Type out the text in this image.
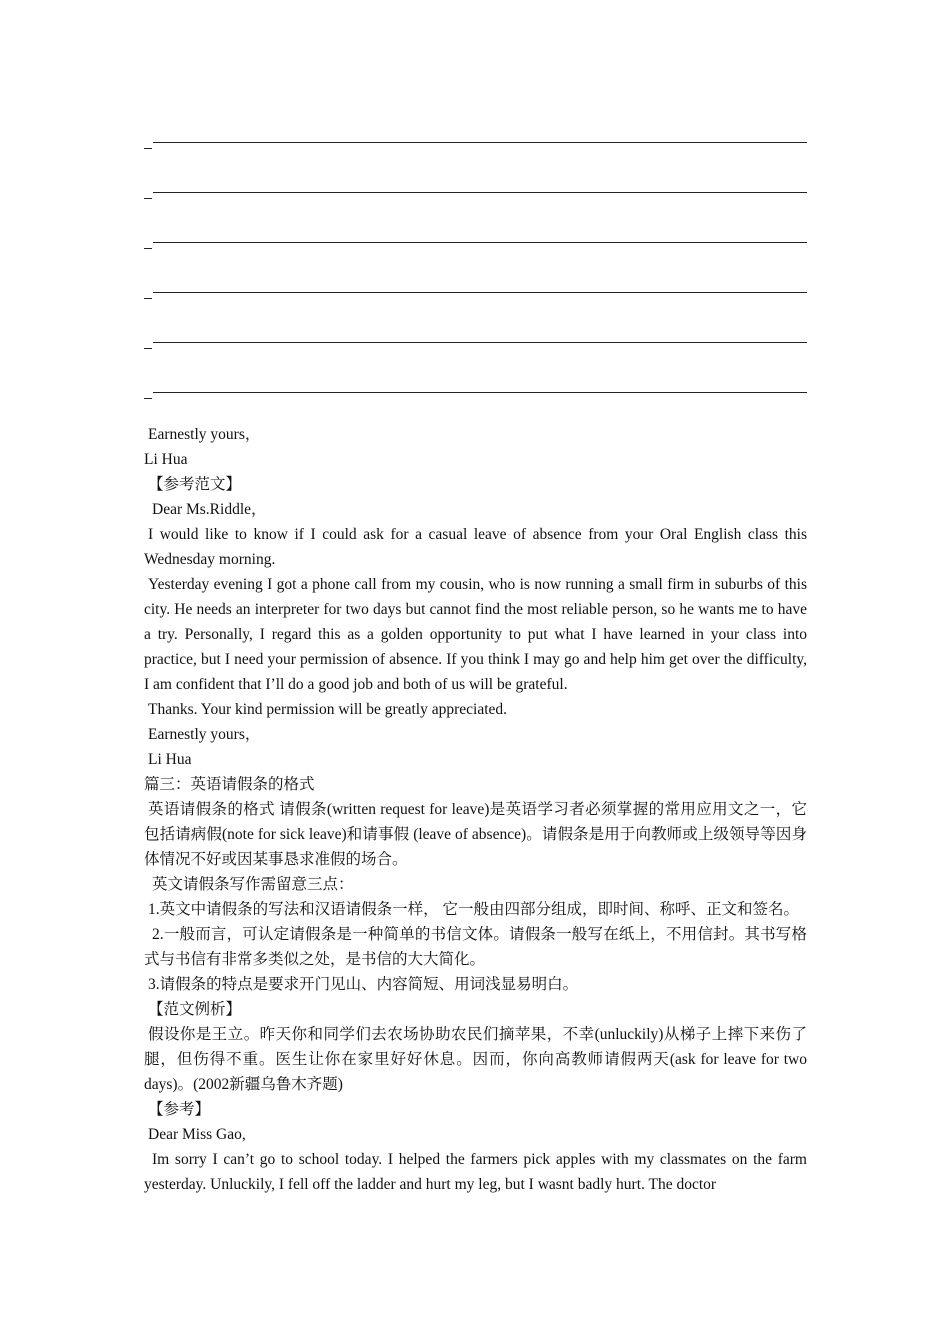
Earnestly yours，

Li Hua

【参考范文】

Dear Ms.Riddle，

I would like to know if I could ask for a casual leave of absence from your Oral English class this Wednesday morning.

Yesterday evening I got a phone call from my cousin, who is now running a small firm in suburbs of this city. He needs an interpreter for two days but cannot find the most reliable person, so he wants me to have a try. Personally, I regard this as a golden opportunity to put what I have learned in your class into practice, but I need your permission of absence. If you think I may go and help him get over the difficulty, I am confident that I’ll do a good job and both of us will be grateful.

Thanks. Your kind permission will be greatly appreciated.

Earnestly yours，

Li Hua

篇三：英语请假条的格式

英语请假条的格式 请假条(written request for leave)是英语学习者必须掌握的常用应用文之一，它包括请病假(note for sick leave)和请事假 (leave of absence)。请假条是用于向教师或上级领导等因身体情况不好或因某事恳求准假的场合。

英文请假条写作需留意三点：

1.英文中请假条的写法和汉语请假条一样， 它一般由四部分组成，即时间、称呼、正文和签名。

2.一般而言，可认定请假条是一种简单的书信文体。请假条一般写在纸上，不用信封。其书写格式与书信有非常多类似之处，是书信的大大简化。

3.请假条的特点是要求开门见山、内容简短、用词浅显易明白。

【范文例析】

假设你是王立。昨天你和同学们去农场协助农民们摘苹果，不幸(unluckily)从梯子上摔下来伤了腿，但伤得不重。医生让你在家里好好休息。因而，你向高教师请假两天(ask for leave for two days)。(2002新疆乌鲁木齐题)

【参考】

Dear Miss Gao,

Im sorry I can’t go to school today. I helped the farmers pick apples with my classmates on the farm yesterday. Unluckily, I fell off the ladder and hurt my leg, but I wasnt badly hurt. The doctor
